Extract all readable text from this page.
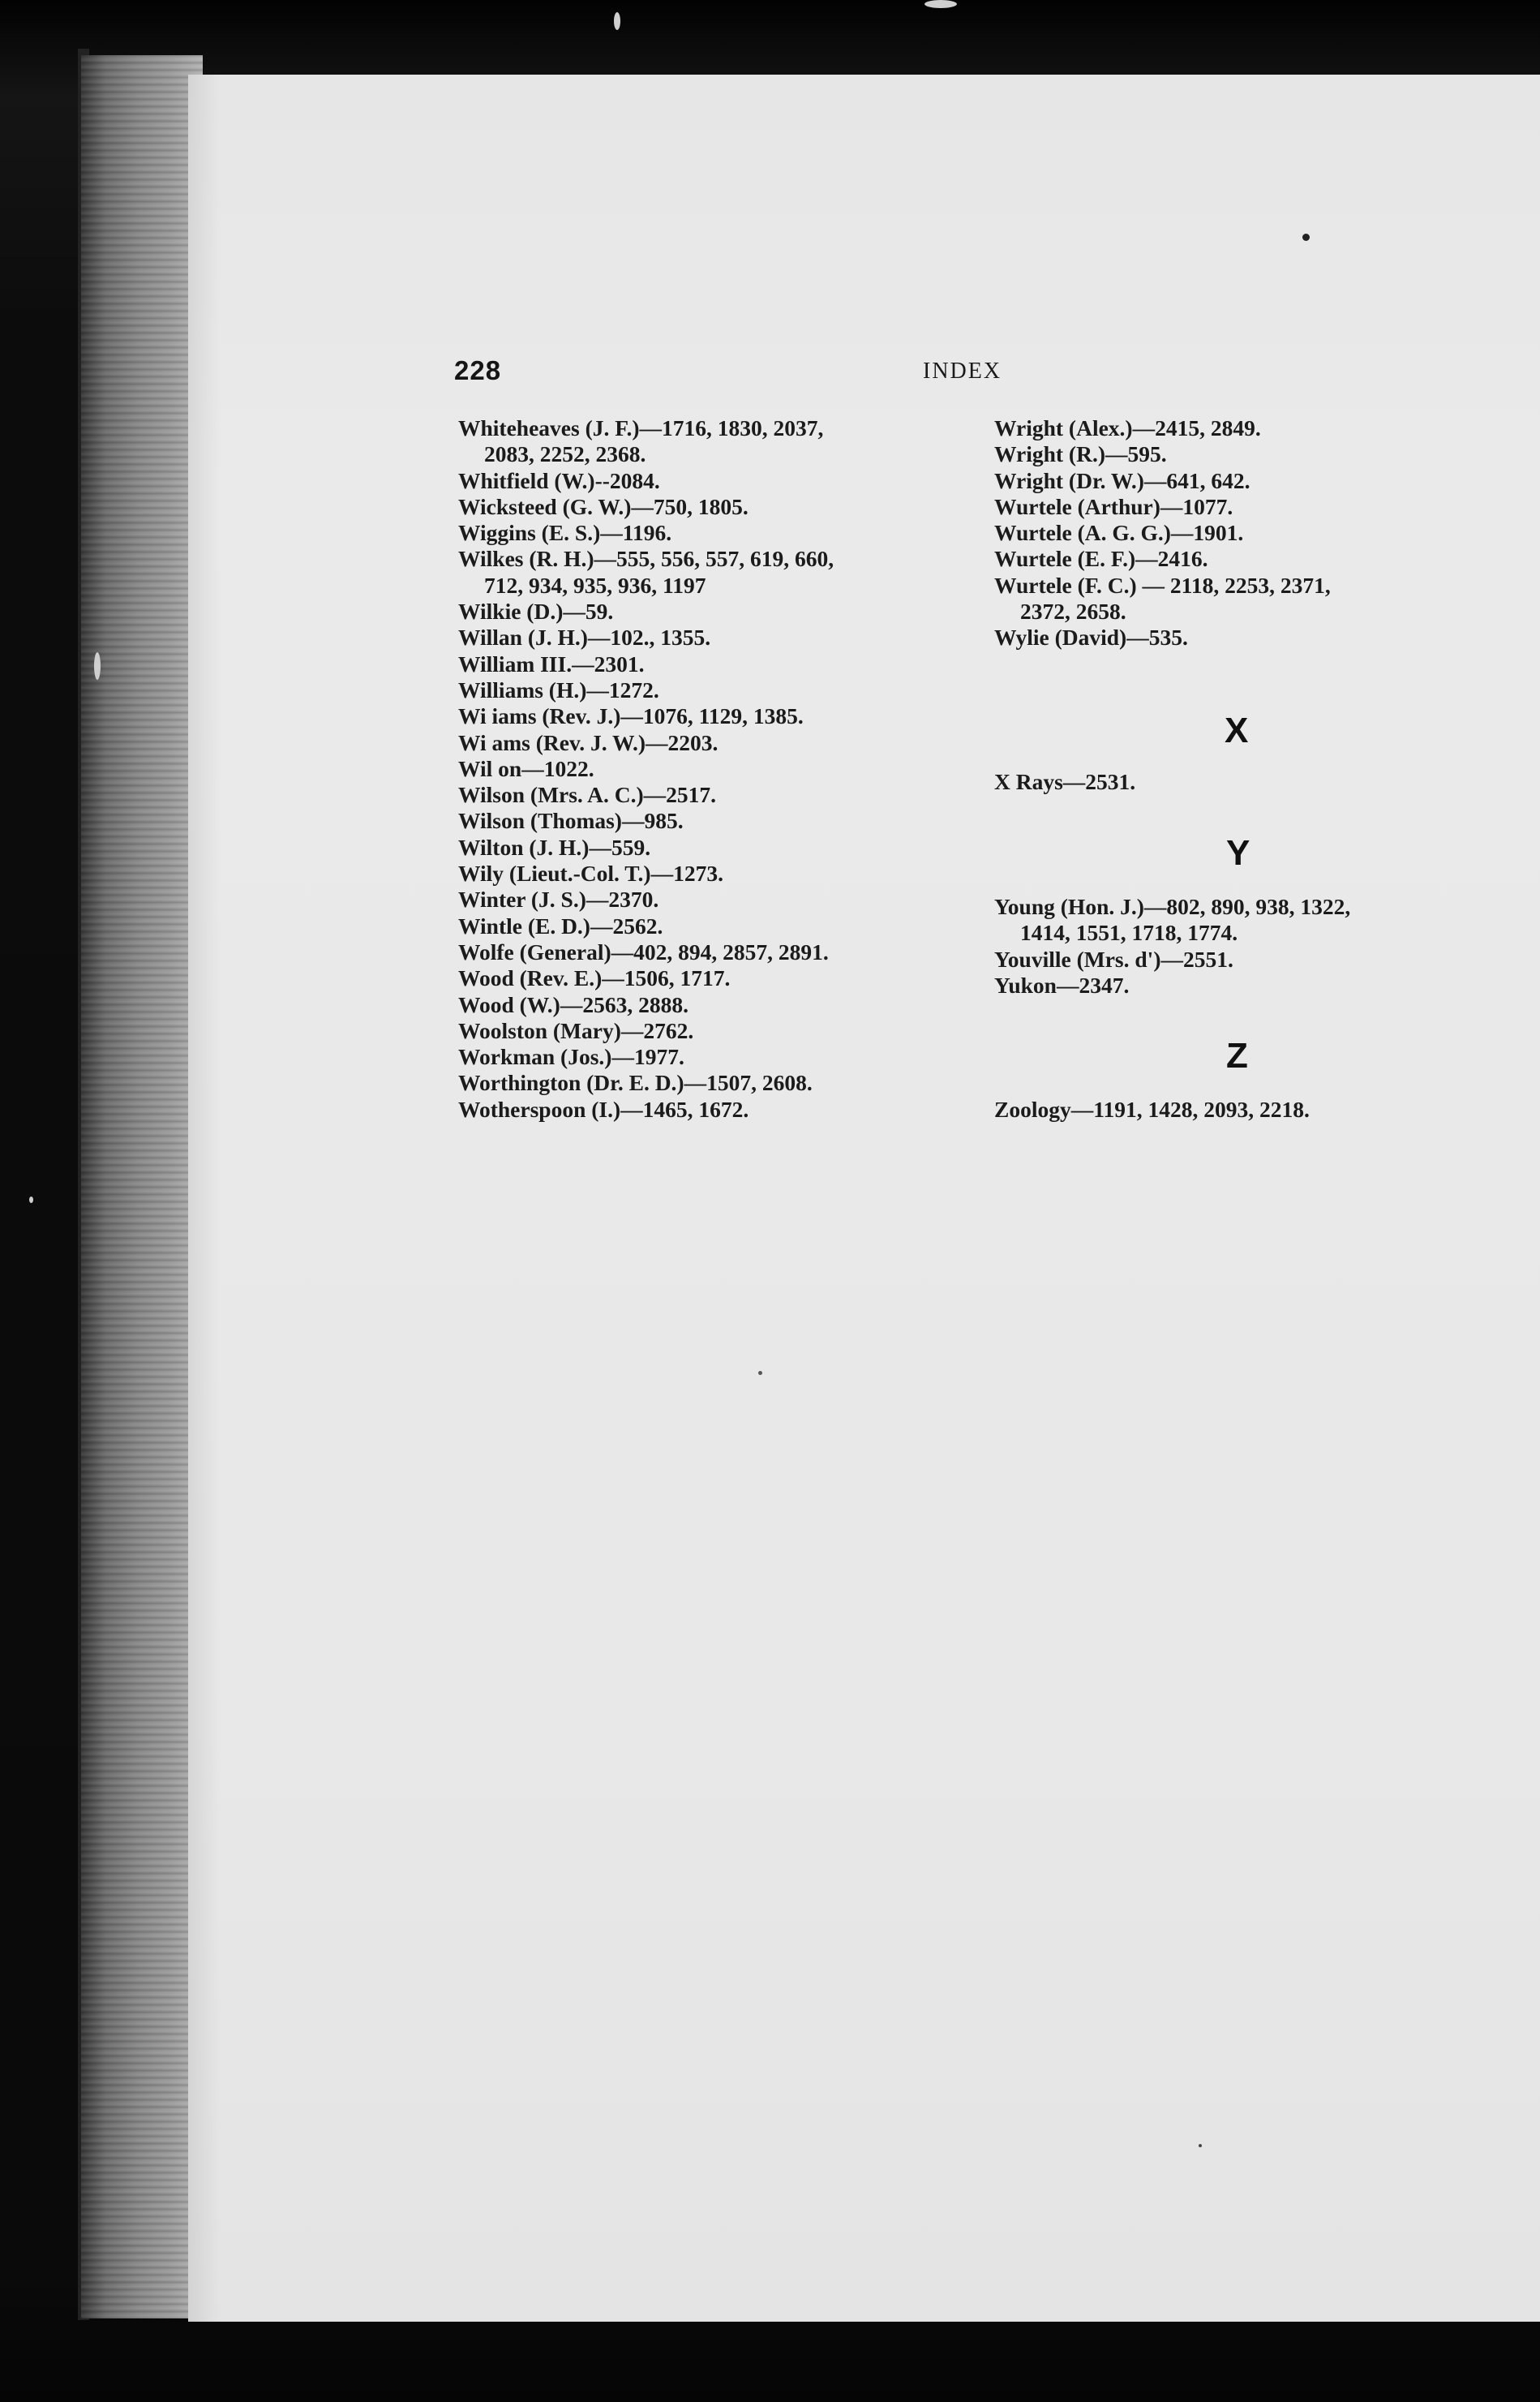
228	INDEX
Whiteheaves (J. F.)—1716, 1830, 2037,
2083, 2252, 2368.
Whitfield (W.)--2084.
Wicksteed (G. W.)—750, 1805.
Wiggins (E. S.)—1196.
Wilkes (R. H.)—555, 556, 557, 619, 660,
712, 934, 935, 936, 1197
Wilkie (D.)—59.
Willan (J. H.)—102., 1355.
William III.—2301.
Williams (H.)—1272.
Wi iams (Rev. J.)—1076, 1129, 1385.
Wi ams (Rev. J. W.)—2203.
Wil on—1022.
Wilson (Mrs. A. C.)—2517.
Wilson (Thomas)—985.
Wilton (J. H.)—559.
Wily (Lieut.-Col. T.)—1273.
Winter (J. S.)—2370.
Wintle (E. D.)—2562.
Wolfe (General)—402, 894, 2857, 2891.
Wood (Rev. E.)—1506, 1717.
Wood (W.)—2563, 2888.
Woolston (Mary)—2762.
Workman (Jos.)—1977.
Worthington (Dr. E. D.)—1507, 2608.
Wotherspoon (I.)—1465, 1672.
Wright (Alex.)—2415, 2849.
Wright (R.)—595.
Wright (Dr. W.)—641, 642.
Wurtele (Arthur)—1077.
Wurtele (A. G. G.)—1901.
Wurtele (E. F.)—2416.
Wurtele (F. C.) — 2118, 2253, 2371,
2372, 2658.
Wylie (David)—535.
X
X Rays—2531.
Y
Young (Hon. J.)—802, 890, 938, 1322,
1414, 1551, 1718, 1774.
Youville (Mrs. d')—2551.
Yukon—2347.
Z
Zoology—1191, 1428, 2093, 2218.
